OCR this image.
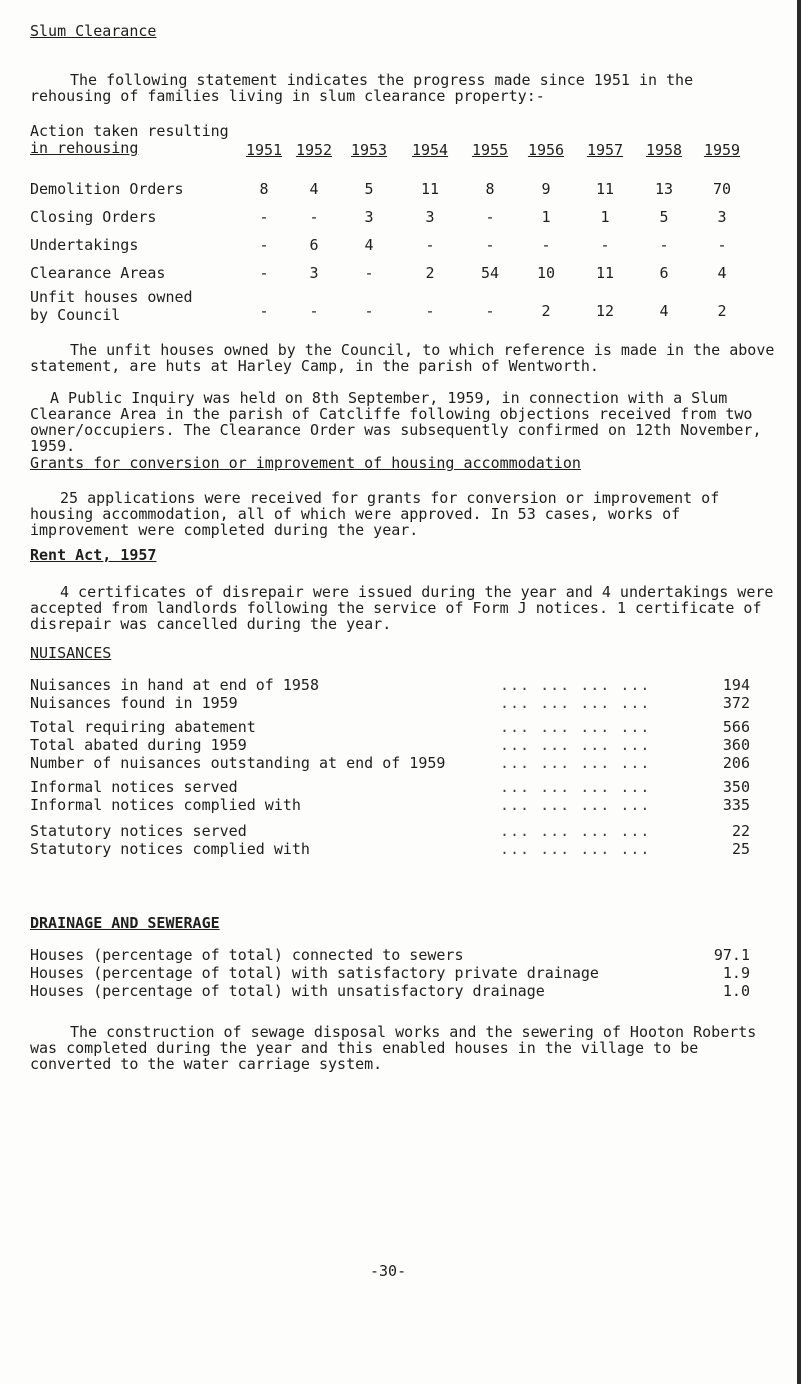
Slum Clearance
The following statement indicates the progress made since 1951 in the rehousing of families living in slum clearance property:-
Action taken resulting
in rehousing	1951 1952 1953 1954 1955 1956 1957 1958 1959
Demolition Orders	8	4	5	11	8	9	11	13	70
Closing Orders	-	-	3	3	-	1	1	5	3
Undertakings	-	6	4	-	-	-	-	-	-
Clearance Areas	-	3	-	2	54	10	11	6	4
Unfit houses owned
by Council	-	-	-	-	-	2	12	4	2
The unfit houses owned by the Council, to which reference is made in the above statement, are huts at Harley Camp, in the parish of Wentworth.
A Public Inquiry was held on 8th September, 1959, in connection with a Slum Clearance Area in the parish of Catcliffe following objections received from two owner/occupiers. The Clearance Order was subsequently confirmed on 12th November, 1959.
Grants for conversion or improvement of housing accommodation
25 applications were received for grants for conversion or improvement of housing accommodation, all of which were approved. In 53 cases, works of improvement were completed during the year.
Rent Act, 1957
4 certificates of disrepair were issued during the year and 4 undertakings were accepted from landlords following the service of Form J notices. 1 certificate of disrepair was cancelled during the year.
NUISANCES
Nuisances in hand at end of 1958	... ... ... ...	194
Nuisances found in 1959	... ... ... ...	372
Total requiring abatement	... ... ... ...	566
Total abated during 1959	... ... ... ...	360
Number of nuisances outstanding at end of 1959	... ... ... ...	206
Informal notices served	... ... ... ...	350
Informal notices complied with	... ... ... ...	335
Statutory notices served	... ... ... ...	22
Statutory notices complied with	... ... ... ...	25
DRAINAGE AND SEWERAGE
Houses (percentage of total) connected to sewers	97.1
Houses (percentage of total) with satisfactory private drainage	1.9
Houses (percentage of total) with unsatisfactory drainage	1.0
The construction of sewage disposal works and the sewering of Hooton Roberts was completed during the year and this enabled houses in the village to be converted to the water carriage system.
-30-
